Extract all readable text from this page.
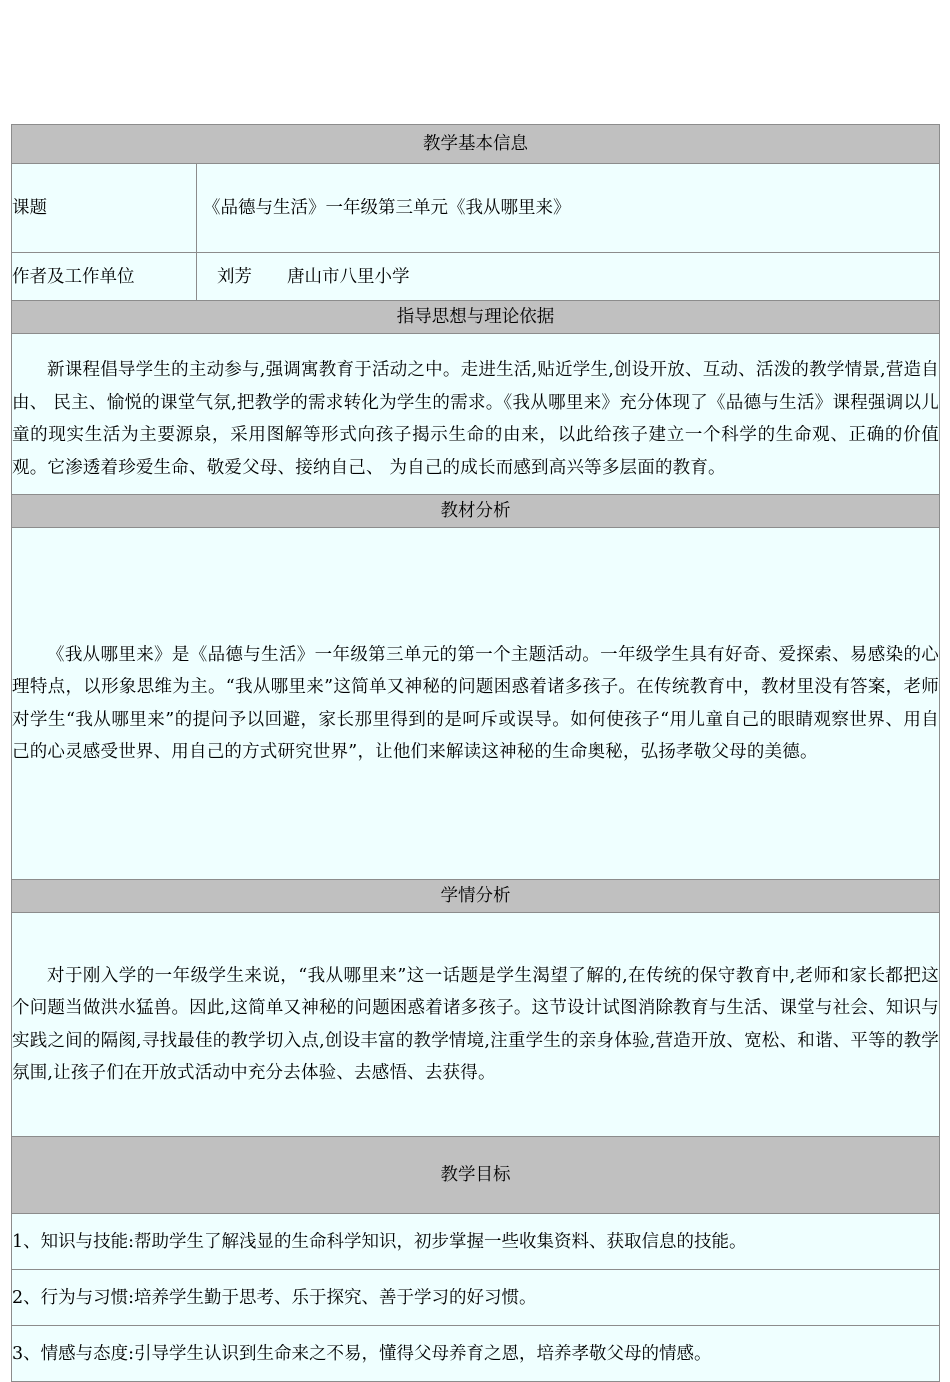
教学基本信息	
课题	《品德与生活》一年级第三单元《我从哪里来》
作者及工作单位	刘芳　　唐山市八里小学
指导思想与理论依据	

新课程倡导学生的主动参与,强调寓教育于活动之中。走进生活,贴近学生,创设开放、互动、活泼的教学情景,营造自由、 民主、愉悦的课堂气氛,把教学的需求转化为学生的需求。《我从哪里来》充分体现了《品德与生活》课程强调以儿童的现实生活为主要源泉，采用图解等形式向孩子揭示生命的由来，以此给孩子建立一个科学的生命观、正确的价值观。它渗透着珍爱生命、敬爱父母、接纳自己、 为自己的成长而感到高兴等多层面的教育。	

教材分析	

《我从哪里来》是《品德与生活》一年级第三单元的第一个主题活动。一年级学生具有好奇、爱探索、易感染的心理特点，以形象思维为主。“我从哪里来”这简单又神秘的问题困惑着诸多孩子。在传统教育中，教材里没有答案，老师对学生“我从哪里来”的提问予以回避，家长那里得到的是呵斥或误导。如何使孩子“用儿童自己的眼睛观察世界、用自己的心灵感受世界、用自己的方式研究世界”，让他们来解读这神秘的生命奥秘，弘扬孝敬父母的美德。	

学情分析	

对于刚入学的一年级学生来说，“我从哪里来”这一话题是学生渴望了解的,在传统的保守教育中,老师和家长都把这个问题当做洪水猛兽。因此,这简单又神秘的问题困惑着诸多孩子。这节设计试图消除教育与生活、课堂与社会、知识与实践之间的隔阂,寻找最佳的教学切入点,创设丰富的教学情境,注重学生的亲身体验,营造开放、宽松、和谐、平等的教学氛围,让孩子们在开放式活动中充分去体验、去感悟、去获得。	

教学目标	

1、知识与技能:帮助学生了解浅显的生命科学知识，初步掌握一些收集资料、获取信息的技能。	

2、行为与习惯:培养学生勤于思考、乐于探究、善于学习的好习惯。	

3、情感与态度:引导学生认识到生命来之不易，懂得父母养育之恩，培养孝敬父母的情感。	
